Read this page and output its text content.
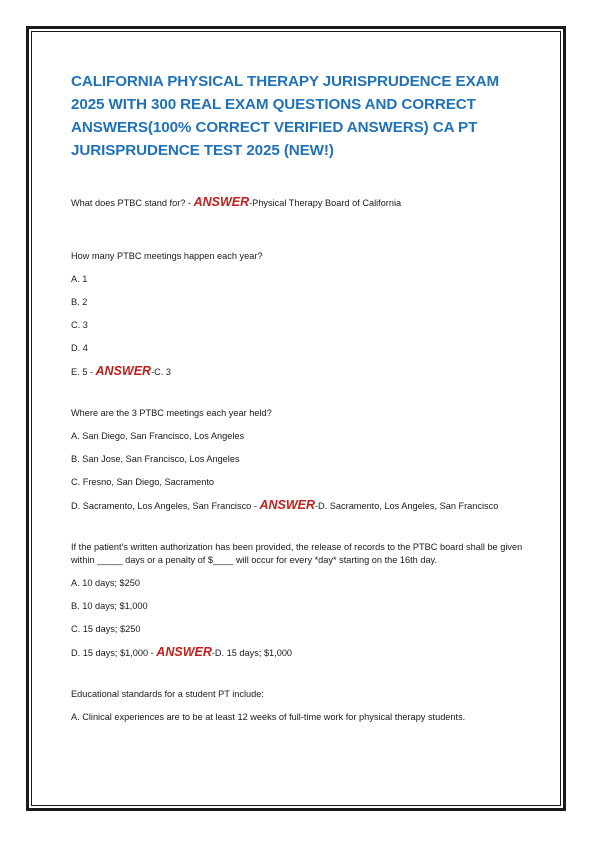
CALIFORNIA PHYSICAL THERAPY JURISPRUDENCE EXAM 2025 WITH 300 REAL EXAM QUESTIONS AND CORRECT ANSWERS(100% CORRECT VERIFIED ANSWERS) CA PT JURISPRUDENCE TEST 2025 (NEW!)

What does PTBC stand for? - ANSWER-Physical Therapy Board of California

How many PTBC meetings happen each year?

A. 1

B. 2

C. 3

D. 4

E. 5 - ANSWER-C. 3

Where are the 3 PTBC meetings each year held?

A. San Diego, San Francisco, Los Angeles

B. San Jose, San Francisco, Los Angeles

C. Fresno, San Diego, Sacramento

D. Sacramento, Los Angeles, San Francisco - ANSWER-D. Sacramento, Los Angeles, San Francisco

If the patient's written authorization has been provided, the release of records to the PTBC board shall be given within _____ days or a penalty of $____ will occur for every *day* starting on the 16th day.

A. 10 days; $250

B. 10 days; $1,000

C. 15 days; $250

D. 15 days; $1,000 - ANSWER-D. 15 days; $1,000

Educational standards for a student PT include:

A. Clinical experiences are to be at least 12 weeks of full-time work for physical therapy students.
